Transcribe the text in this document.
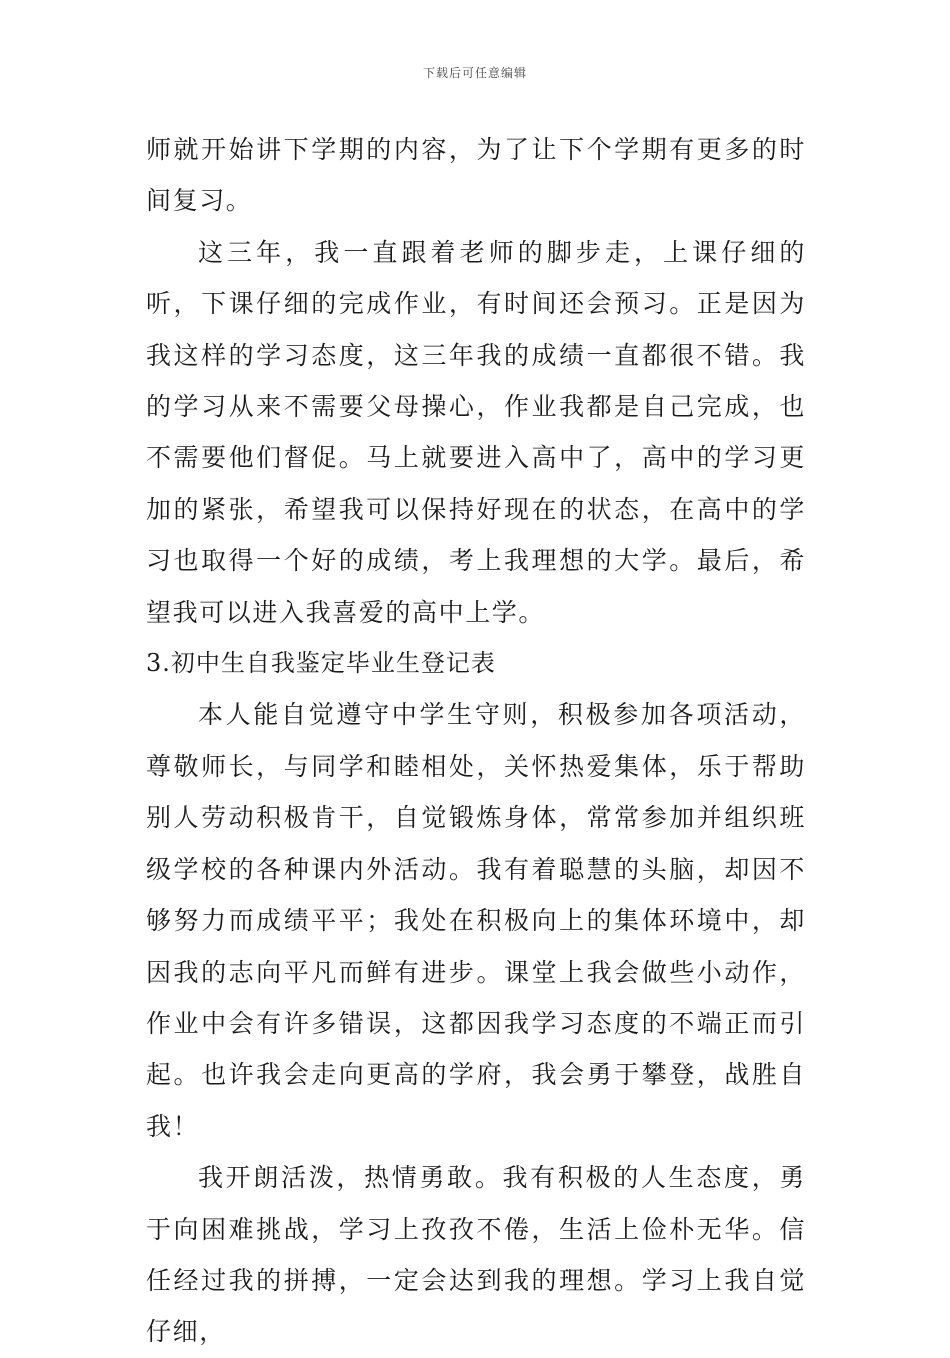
下载后可任意编辑

师就开始讲下学期的内容，为了让下个学期有更多的时间复习。

这三年，我一直跟着老师的脚步走，上课仔细的听，下课仔细的完成作业，有时间还会预习。正是因为我这样的学习态度，这三年我的成绩一直都很不错。我的学习从来不需要父母操心，作业我都是自己完成，也不需要他们督促。马上就要进入高中了，高中的学习更加的紧张，希望我可以保持好现在的状态，在高中的学习也取得一个好的成绩，考上我理想的大学。最后，希望我可以进入我喜爱的高中上学。

3.初中生自我鉴定毕业生登记表

本人能自觉遵守中学生守则，积极参加各项活动，尊敬师长，与同学和睦相处，关怀热爱集体，乐于帮助别人劳动积极肯干，自觉锻炼身体，常常参加并组织班级学校的各种课内外活动。我有着聪慧的头脑，却因不够努力而成绩平平；我处在积极向上的集体环境中，却因我的志向平凡而鲜有进步。课堂上我会做些小动作，作业中会有许多错误，这都因我学习态度的不端正而引起。也许我会走向更高的学府，我会勇于攀登，战胜自我！

我开朗活泼，热情勇敢。我有积极的人生态度，勇于向困难挑战，学习上孜孜不倦，生活上俭朴无华。信任经过我的拼搏，一定会达到我的理想。学习上我自觉仔细，
